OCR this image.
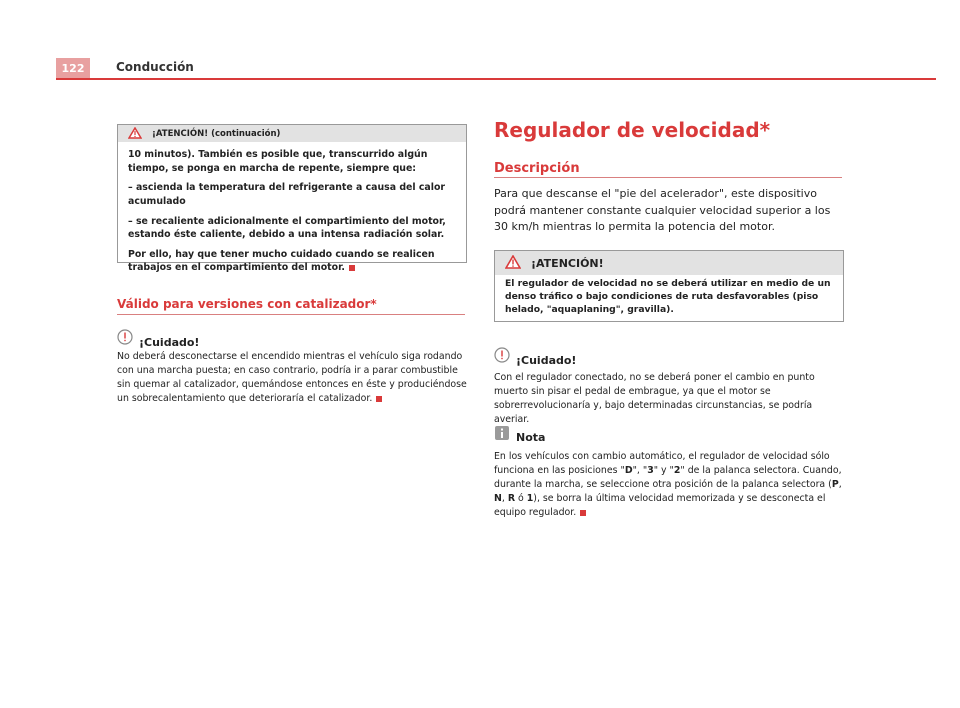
122	Conducción
¡ATENCIÓN! (continuación)

10 minutos). También es posible que, transcurrido algún tiempo, se ponga en marcha de repente, siempre que:

– ascienda la temperatura del refrigerante a causa del calor acumulado

– se recaliente adicionalmente el compartimiento del motor, estando éste caliente, debido a una intensa radiación solar.

Por ello, hay que tener mucho cuidado cuando se realicen trabajos en el compartimiento del motor.

Válido para versiones con catalizador*
¡Cuidado!
No deberá desconectarse el encendido mientras el vehículo siga rodando con una marcha puesta; en caso contrario, podría ir a parar combustible sin quemar al catalizador, quemándose entonces en éste y produciéndose un sobrecalentamiento que deterioraría el catalizador.
Regulador de velocidad*
Descripción
Para que descanse el "pie del acelerador", este dispositivo podrá mantener constante cualquier velocidad superior a los 30 km/h mientras lo permita la potencia del motor.
¡ATENCIÓN!
El regulador de velocidad no se deberá utilizar en medio de un denso tráfico o bajo condiciones de ruta desfavorables (piso helado, "aquaplaning", gravilla).
¡Cuidado!
Con el regulador conectado, no se deberá poner el cambio en punto muerto sin pisar el pedal de embrague, ya que el motor se sobrerrevolucionaría y, bajo determinadas circunstancias, se podría averiar.
Nota
En los vehículos con cambio automático, el regulador de velocidad sólo funciona en las posiciones "D", "3" y "2" de la palanca selectora. Cuando, durante la marcha, se seleccione otra posición de la palanca selectora (P, N, R ó 1), se borra la última velocidad memorizada y se desconecta el equipo regulador.
